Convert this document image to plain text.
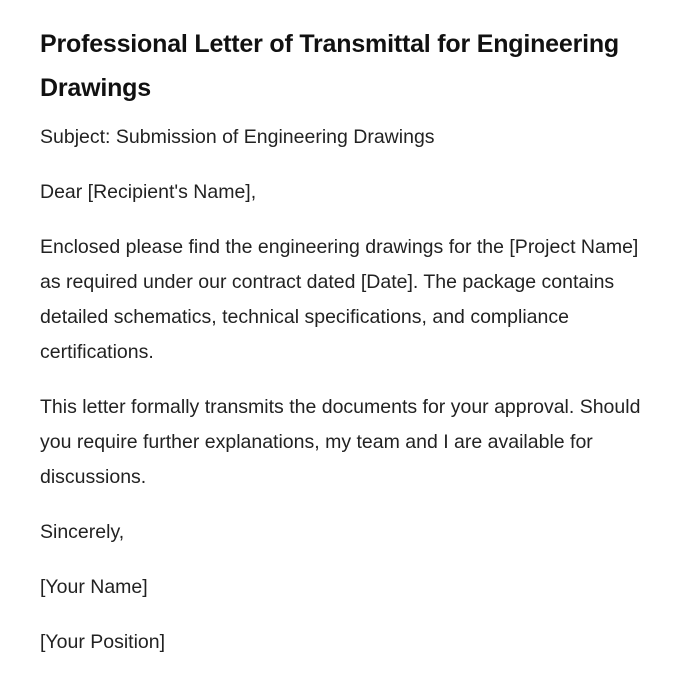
Professional Letter of Transmittal for Engineering Drawings

Subject: Submission of Engineering Drawings

Dear [Recipient's Name],

Enclosed please find the engineering drawings for the [Project Name] as required under our contract dated [Date]. The package contains detailed schematics, technical specifications, and compliance certifications.

This letter formally transmits the documents for your approval. Should you require further explanations, my team and I are available for discussions.

Sincerely,

[Your Name]

[Your Position]
